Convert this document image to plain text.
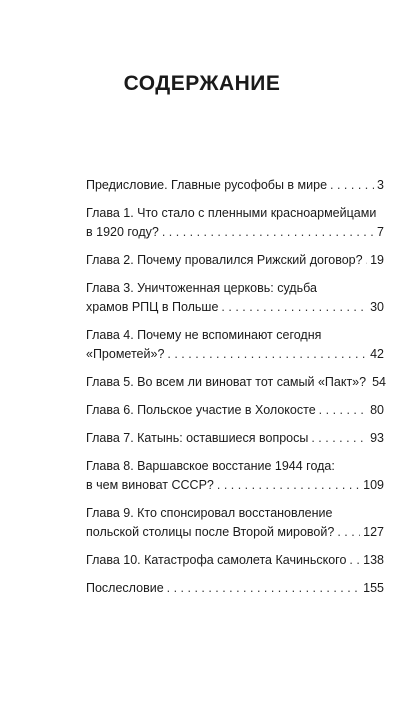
СОДЕРЖАНИЕ
Предисловие. Главные русофобы в мире . . .	3
Глава 1. Что стало с пленными красноармейцами
в 1920 году? . . .	7
Глава 2. Почему провалился Рижский договор? . . . 19
Глава 3. Уничтоженная церковь: судьба
храмов РПЦ в Польше . . .	30
Глава 4. Почему не вспоминают сегодня
«Прометей»? . . .	42
Глава 5. Во всем ли виноват тот самый «Пакт»? 54
Глава 6. Польское участие в Холокосте . . .	80
Глава 7. Катынь: оставшиеся вопросы . . .	93
Глава 8. Варшавское восстание 1944 года:
в чем виноват СССР? . . .	109
Глава 9. Кто спонсировал восстановление
польской столицы после Второй мировой? . . . 127
Глава 10. Катастрофа самолета Качиньского . . . 138
Послесловие . . .	155
